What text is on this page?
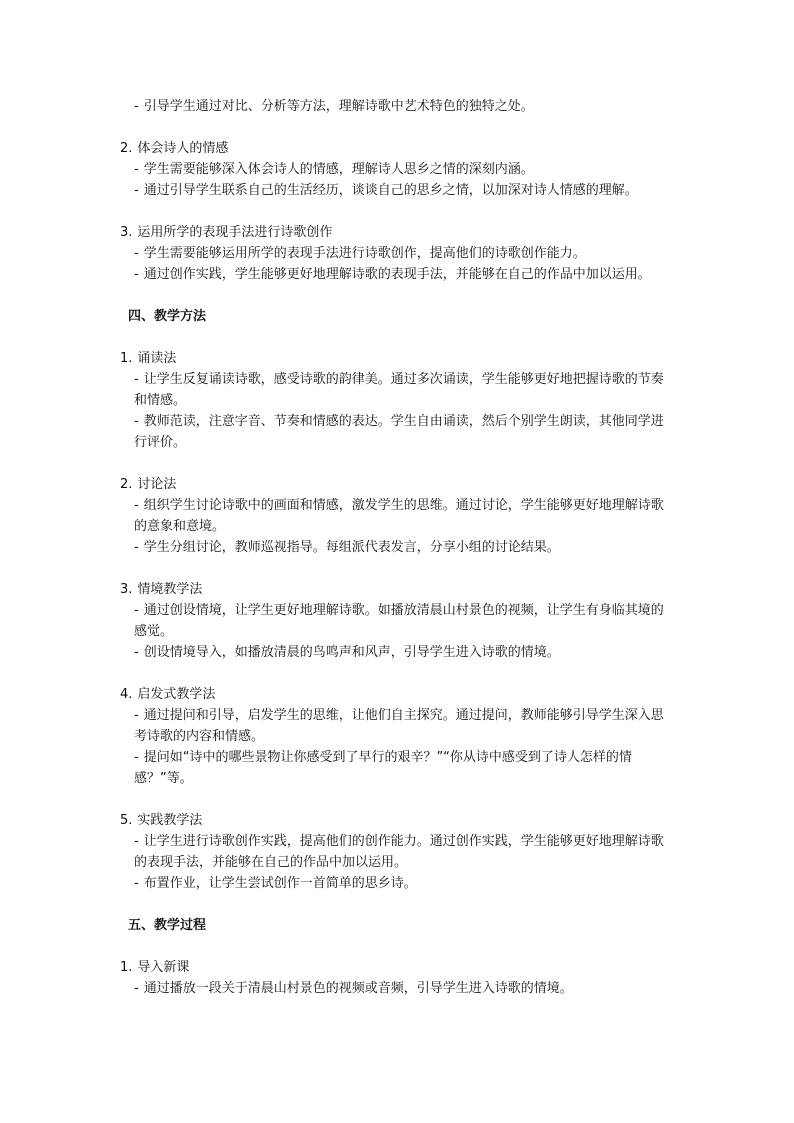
- 引导学生通过对比、分析等方法，理解诗歌中艺术特色的独特之处。
2. 体会诗人的情感
- 学生需要能够深入体会诗人的情感，理解诗人思乡之情的深刻内涵。
- 通过引导学生联系自己的生活经历，谈谈自己的思乡之情，以加深对诗人情感的理解。
3. 运用所学的表现手法进行诗歌创作
- 学生需要能够运用所学的表现手法进行诗歌创作，提高他们的诗歌创作能力。
- 通过创作实践，学生能够更好地理解诗歌的表现手法，并能够在自己的作品中加以运用。
四、教学方法
1. 诵读法
- 让学生反复诵读诗歌，感受诗歌的韵律美。通过多次诵读，学生能够更好地把握诗歌的节奏和情感。
- 教师范读，注意字音、节奏和情感的表达。学生自由诵读，然后个别学生朗读，其他同学进行评价。
2. 讨论法
- 组织学生讨论诗歌中的画面和情感，激发学生的思维。通过讨论，学生能够更好地理解诗歌的意象和意境。
- 学生分组讨论，教师巡视指导。每组派代表发言，分享小组的讨论结果。
3. 情境教学法
- 通过创设情境，让学生更好地理解诗歌。如播放清晨山村景色的视频，让学生有身临其境的感觉。
- 创设情境导入，如播放清晨的鸟鸣声和风声，引导学生进入诗歌的情境。
4. 启发式教学法
- 通过提问和引导，启发学生的思维，让他们自主探究。通过提问，教师能够引导学生深入思考诗歌的内容和情感。
- 提问如“诗中的哪些景物让你感受到了早行的艰辛？”“你从诗中感受到了诗人怎样的情感？”等。
5. 实践教学法
- 让学生进行诗歌创作实践，提高他们的创作能力。通过创作实践，学生能够更好地理解诗歌的表现手法，并能够在自己的作品中加以运用。
- 布置作业，让学生尝试创作一首简单的思乡诗。
五、教学过程
1. 导入新课
- 通过播放一段关于清晨山村景色的视频或音频，引导学生进入诗歌的情境。
